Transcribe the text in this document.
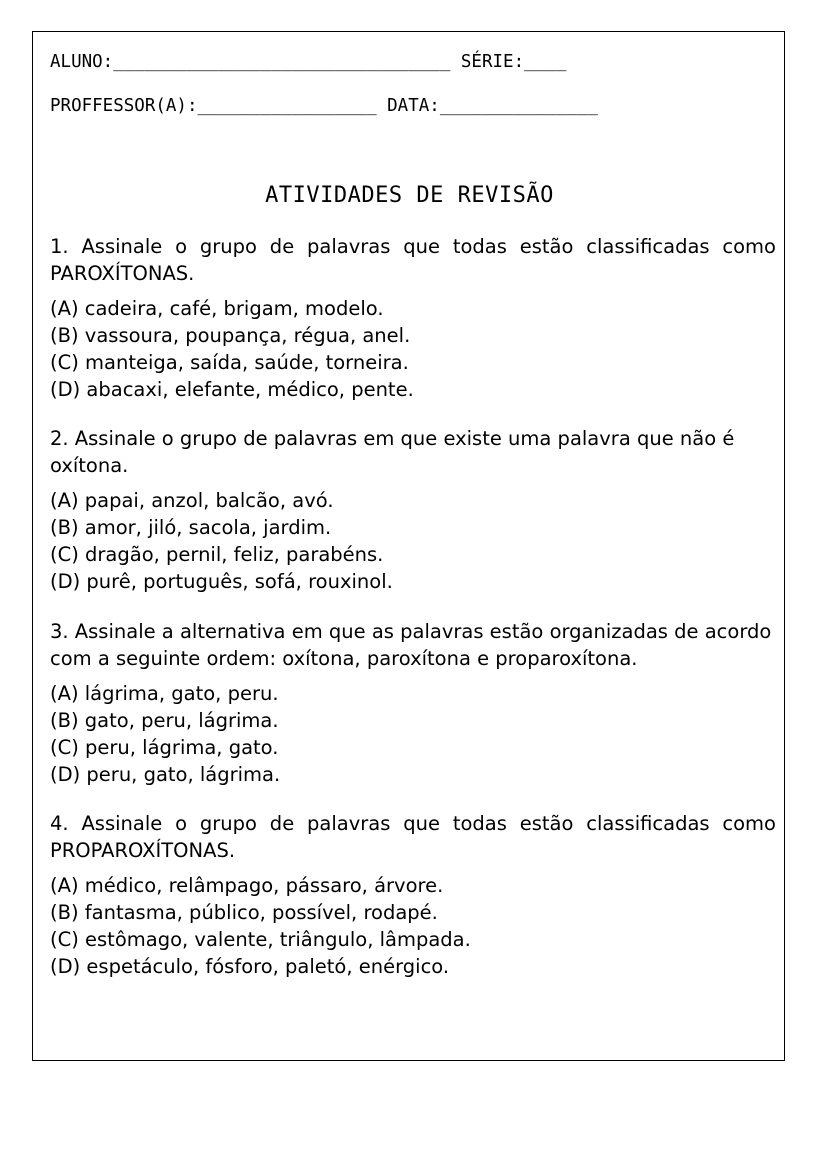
ALUNO:________________________________ SÉRIE:____
PROFFESSOR(A):_________________ DATA:_______________
ATIVIDADES DE REVISÃO

1. Assinale o grupo de palavras que todas estão classificadas como PAROXÍTONAS.

(A) cadeira, café, brigam, modelo.

(B) vassoura, poupança, régua, anel.

(C) manteiga, saída, saúde, torneira.

(D) abacaxi, elefante, médico, pente.

2. Assinale o grupo de palavras em que existe uma palavra que não é oxítona.

(A) papai, anzol, balcão, avó.

(B) amor, jiló, sacola, jardim.

(C) dragão, pernil, feliz, parabéns.

(D) purê, português, sofá, rouxinol.

3. Assinale a alternativa em que as palavras estão organizadas de acordo com a seguinte ordem: oxítona, paroxítona e proparoxítona.

(A) lágrima, gato, peru.

(B) gato, peru, lágrima.

(C) peru, lágrima, gato.

(D) peru, gato, lágrima.

4. Assinale o grupo de palavras que todas estão classificadas como PROPAROXÍTONAS.

(A) médico, relâmpago, pássaro, árvore.

(B) fantasma, público, possível, rodapé.

(C) estômago, valente, triângulo, lâmpada.

(D) espetáculo, fósforo, paletó, enérgico.
